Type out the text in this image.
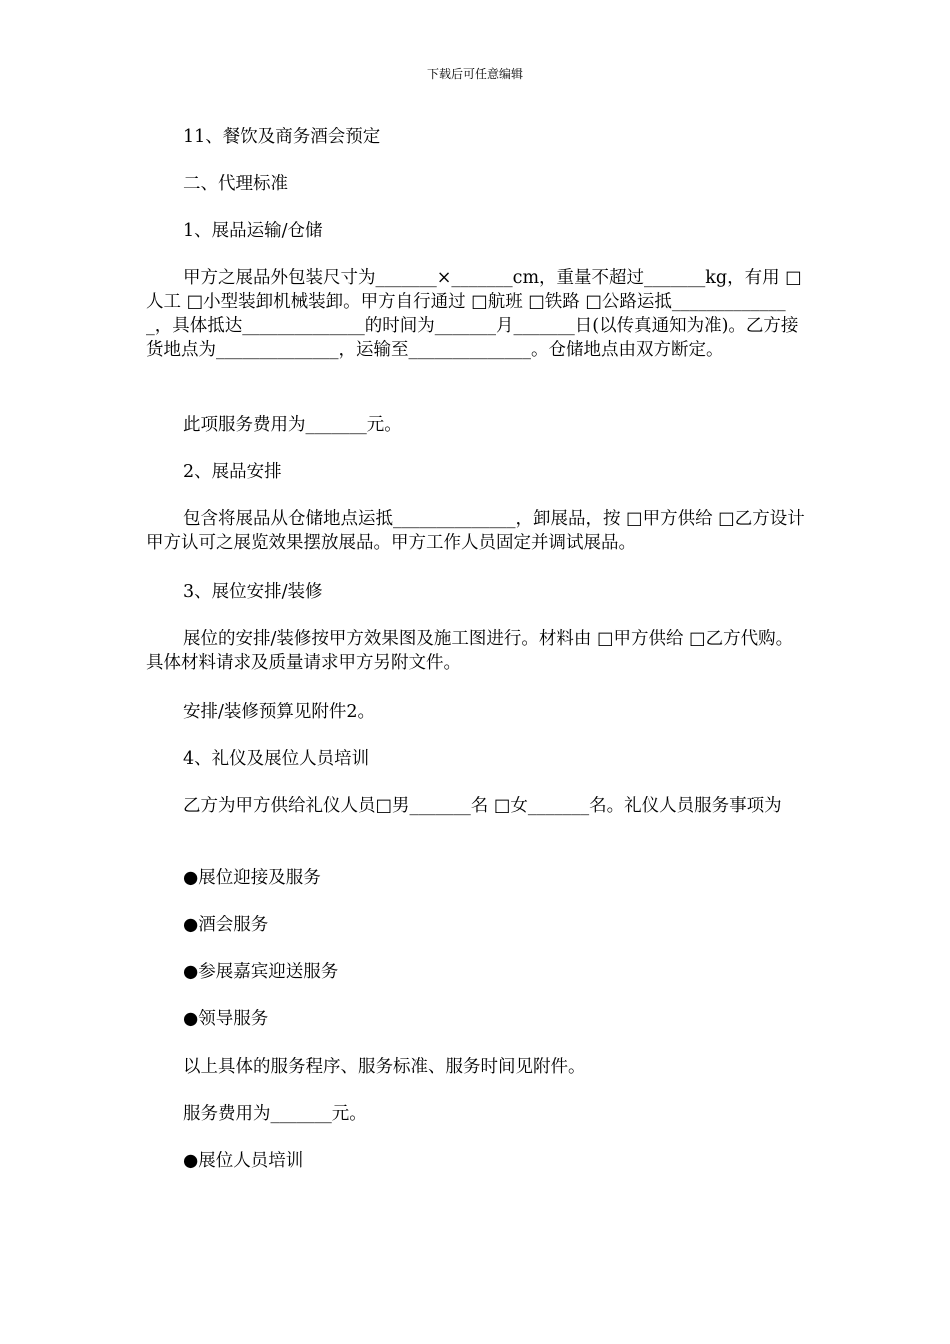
下载后可任意编辑
11、餐饮及商务酒会预定
二、代理标准
1、展品运输/仓储
甲方之展品外包装尺寸为_______×_______cm，重量不超过_______kg，有用 □人工 □小型装卸机械装卸。甲方自行通过 □航班 □铁路 □公路运抵______________，具体抵达______________的时间为_______月_______日(以传真通知为准)。乙方接货地点为______________，运输至______________。仓储地点由双方断定。
此项服务费用为_______元。
2、展品安排
包含将展品从仓储地点运抵______________，卸展品，按 □甲方供给 □乙方设计甲方认可之展览效果摆放展品。甲方工作人员固定并调试展品。
3、展位安排/装修
展位的安排/装修按甲方效果图及施工图进行。材料由 □甲方供给 □乙方代购。具体材料请求及质量请求甲方另附文件。
安排/装修预算见附件2。
4、礼仪及展位人员培训
乙方为甲方供给礼仪人员□男_______名 □女_______名。礼仪人员服务事项为
●展位迎接及服务
●酒会服务
●参展嘉宾迎送服务
●领导服务
以上具体的服务程序、服务标准、服务时间见附件。
服务费用为_______元。
●展位人员培训
